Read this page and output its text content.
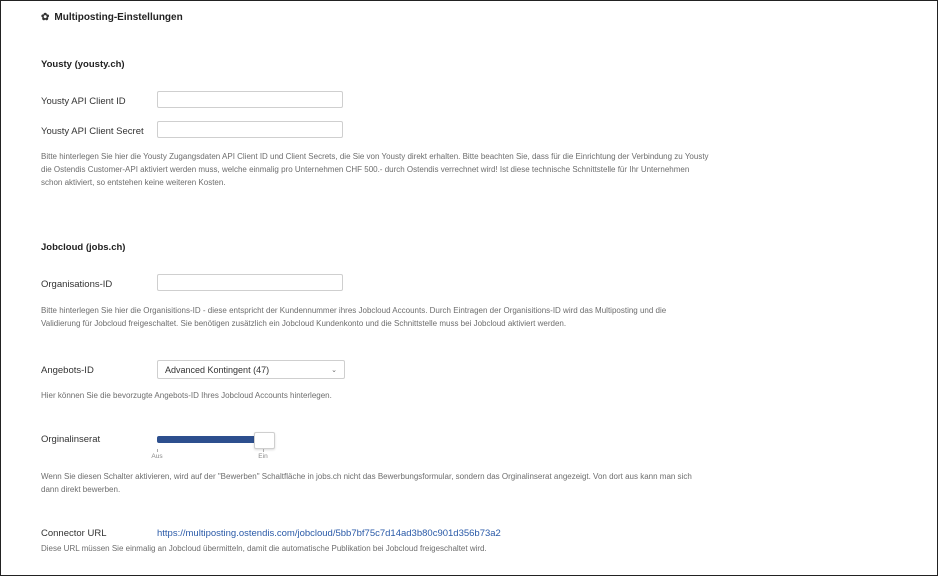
✿ Multiposting-Einstellungen
Yousty (yousty.ch)
Yousty API Client ID
Yousty API Client Secret
Bitte hinterlegen Sie hier die Yousty Zugangsdaten API Client ID und Client Secrets, die Sie von Yousty direkt erhalten. Bitte beachten Sie, dass für die Einrichtung der Verbindung zu Yousty
die Ostendis Customer-API aktiviert werden muss, welche einmalig pro Unternehmen CHF 500.- durch Ostendis verrechnet wird! Ist diese technische Schnittstelle für Ihr Unternehmen
schon aktiviert, so entstehen keine weiteren Kosten.
Jobcloud (jobs.ch)
Organisations-ID
Bitte hinterlegen Sie hier die Organisitions-ID - diese entspricht der Kundennummer ihres Jobcloud Accounts. Durch Eintragen der Organisitions-ID wird das Multiposting und die
Validierung für Jobcloud freigeschaltet. Sie benötigen zusätzlich ein Jobcloud Kundenkonto und die Schnittstelle muss bei Jobcloud aktiviert werden.
Angebots-ID	Advanced Kontingent (47)	⌄
Hier können Sie die bevorzugte Angebots-ID Ihres Jobcloud Accounts hinterlegen.
Orginalinserat
Aus	Ein
Wenn Sie diesen Schalter aktivieren, wird auf der "Bewerben" Schaltfläche in jobs.ch nicht das Bewerbungsformular, sondern das Orginalinserat angezeigt. Von dort aus kann man sich
dann direkt bewerben.
Connector URL	https://multiposting.ostendis.com/jobcloud/5bb7bf75c7d14ad3b80c901d356b73a2
Diese URL müssen Sie einmalig an Jobcloud übermitteln, damit die automatische Publikation bei Jobcloud freigeschaltet wird.
